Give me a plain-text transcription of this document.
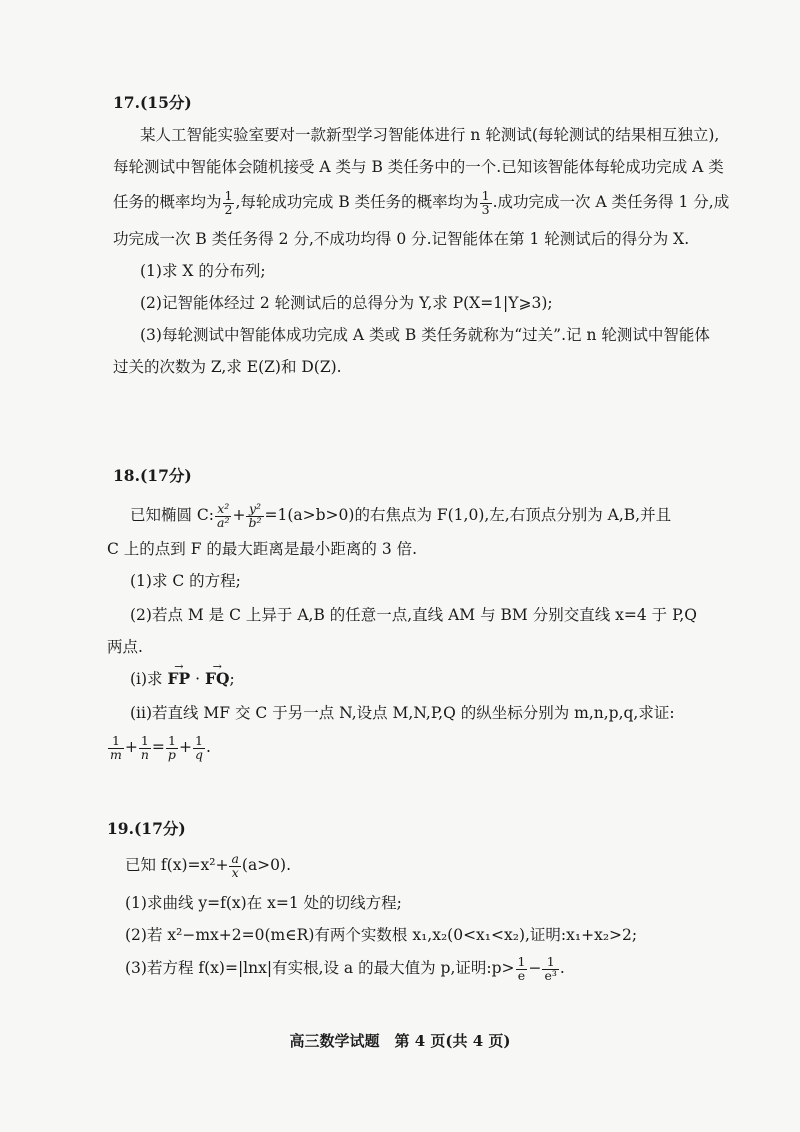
17.(15分)
某人工智能实验室要对一款新型学习智能体进行 n 轮测试(每轮测试的结果相互独立),
每轮测试中智能体会随机接受 A 类与 B 类任务中的一个.已知该智能体每轮成功完成 A 类
任务的概率均为 $\frac{1}{2}$ ,每轮成功完成 B 类任务的概率均为 $\frac{1}{3}$ .成功完成一次 A 类任务得 1 分,成
功完成一次 B 类任务得 2 分,不成功均得 0 分.记智能体在第 1 轮测试后的得分为 X.
(1)求 X 的分布列;
(2)记智能体经过 2 轮测试后的总得分为 Y,求 P(X=1|Y⩾3);
(3)每轮测试中智能体成功完成 A 类或 B 类任务就称为“过关”.记 n 轮测试中智能体
过关的次数为 Z,求 E(Z)和 D(Z).
18.(17分)
已知椭圆 C: $\frac{\text{x²}}{\text{a²}} + \frac{\text{y²}}{\text{b²}} =1(a>b>0)$的右焦点为 F(1,0),左,右顶点分别为 A,B,并且
C 上的点到 F 的最大距离是最小距离的 3 倍.
(1)求 C 的方程;
(2)若点 M 是 C 上异于 A,B 的任意一点,直线 AM 与 BM 分别交直线 x=4 于 P,Q
两点.
(i)求 → FP · → FQ;
(ii)若直线 MF 交 C 于另一点 N,设点 M,N,P,Q 的纵坐标分别为 m,n,p,q,求证:
$\frac{1}{m} + \frac{1}{n} = \frac{1}{p} + \frac{1}{q}$ .
19.(17分)
已知 $f(x)=x^2+ \frac{a}{x} (a>0)$.
(1)求曲线 y=f(x)在 x=1 处的切线方程;
(2)若 x²−mx+2=0(m∈R)有两个实数根 x₁,x₂(0<x₁<x₂),证明:x₁+x₂>2;
(3)若方程 f(x)=|lnx|有实根,设 a 的最大值为 p,证明:p> $\frac{1}{e} - \frac{1}{\text{e³}}$ .
高三数学试题　第 4 页(共 4 页)
